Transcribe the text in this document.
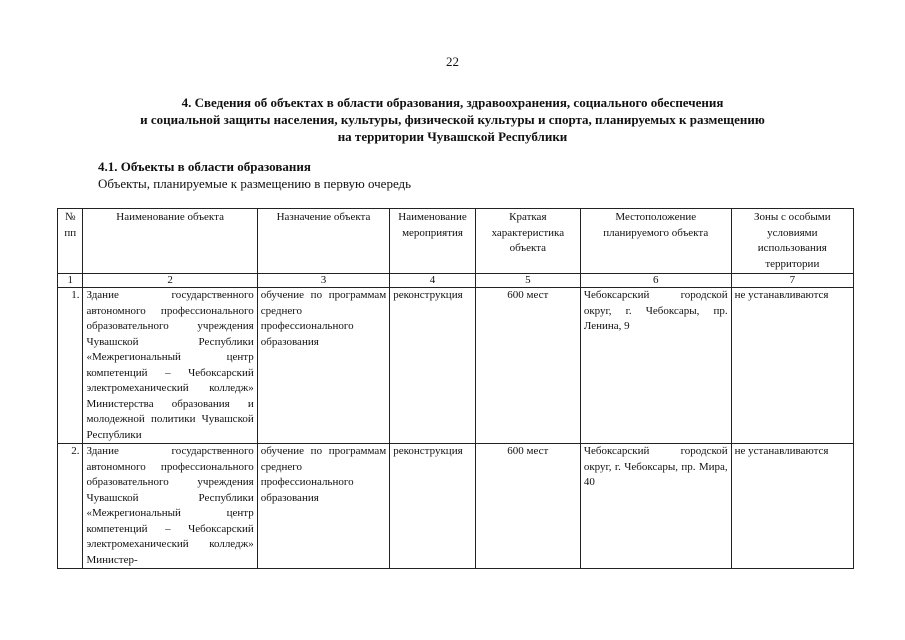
22
4. Сведения об объектах в области образования, здравоохранения, социального обеспечения
и социальной защиты населения, культуры, физической культуры и спорта, планируемых к размещению
на территории Чувашской Республики
4.1. Объекты в области образования
Объекты, планируемые к размещению в первую очередь
№ пп	Наименование объекта	Назначение объекта	Наименование мероприятия	Краткая характеристика объекта	Местоположение планируемого объекта	Зоны с особыми условиями использования территории
1	2	3	4	5	6	7
1.	Здание государственного автономного профессионального образовательного учреждения Чувашской Республики «Межрегиональный центр компетенций – Чебоксарский электромеханический колледж» Министерства образования и молодежной политики Чувашской Республики	обучение по программам среднего профессионального образования	реконструкция	600 мест	Чебоксарский городской округ, г. Чебоксары, пр. Ленина, 9	не устанавливаются
2.	Здание государственного автономного профессионального образовательного учреждения Чувашской Республики «Межрегиональный центр компетенций – Чебоксарский электромеханический колледж» Министер-	обучение по программам среднего профессионального образования	реконструкция	600 мест	Чебоксарский городской округ, г. Чебоксары, пр. Мира, 40	не устанавливаются
